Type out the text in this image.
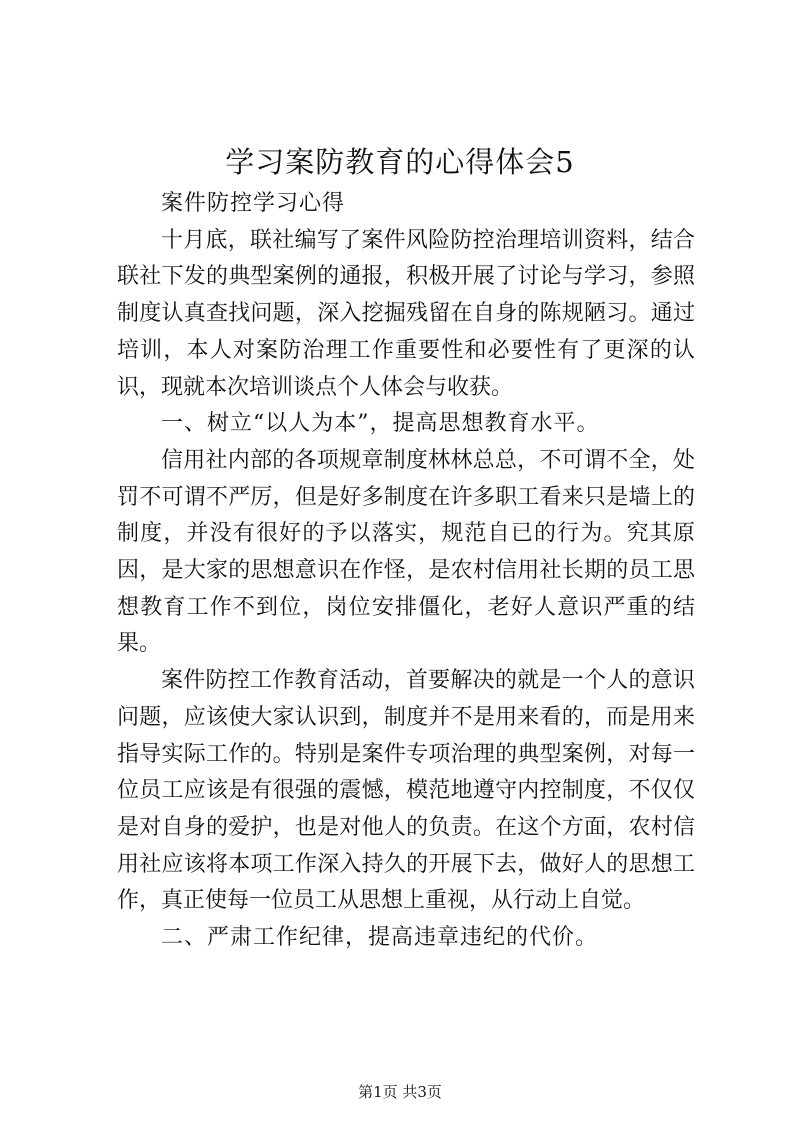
学习案防教育的心得体会5

案件防控学习心得

十月底，联社编写了案件风险防控治理培训资料，结合联社下发的典型案例的通报，积极开展了讨论与学习，参照制度认真查找问题，深入挖掘残留在自身的陈规陋习。通过培训，本人对案防治理工作重要性和必要性有了更深的认识，现就本次培训谈点个人体会与收获。

一、树立“以人为本”，提高思想教育水平。

信用社内部的各项规章制度林林总总，不可谓不全，处罚不可谓不严厉，但是好多制度在许多职工看来只是墙上的制度，并没有很好的予以落实，规范自已的行为。究其原因，是大家的思想意识在作怪，是农村信用社长期的员工思想教育工作不到位，岗位安排僵化，老好人意识严重的结果。

案件防控工作教育活动，首要解决的就是一个人的意识问题，应该使大家认识到，制度并不是用来看的，而是用来指导实际工作的。特别是案件专项治理的典型案例，对每一位员工应该是有很强的震憾，模范地遵守内控制度，不仅仅是对自身的爱护，也是对他人的负责。在这个方面，农村信用社应该将本项工作深入持久的开展下去，做好人的思想工作，真正使每一位员工从思想上重视，从行动上自觉。

二、严肃工作纪律，提高违章违纪的代价。

第1页 共3页
